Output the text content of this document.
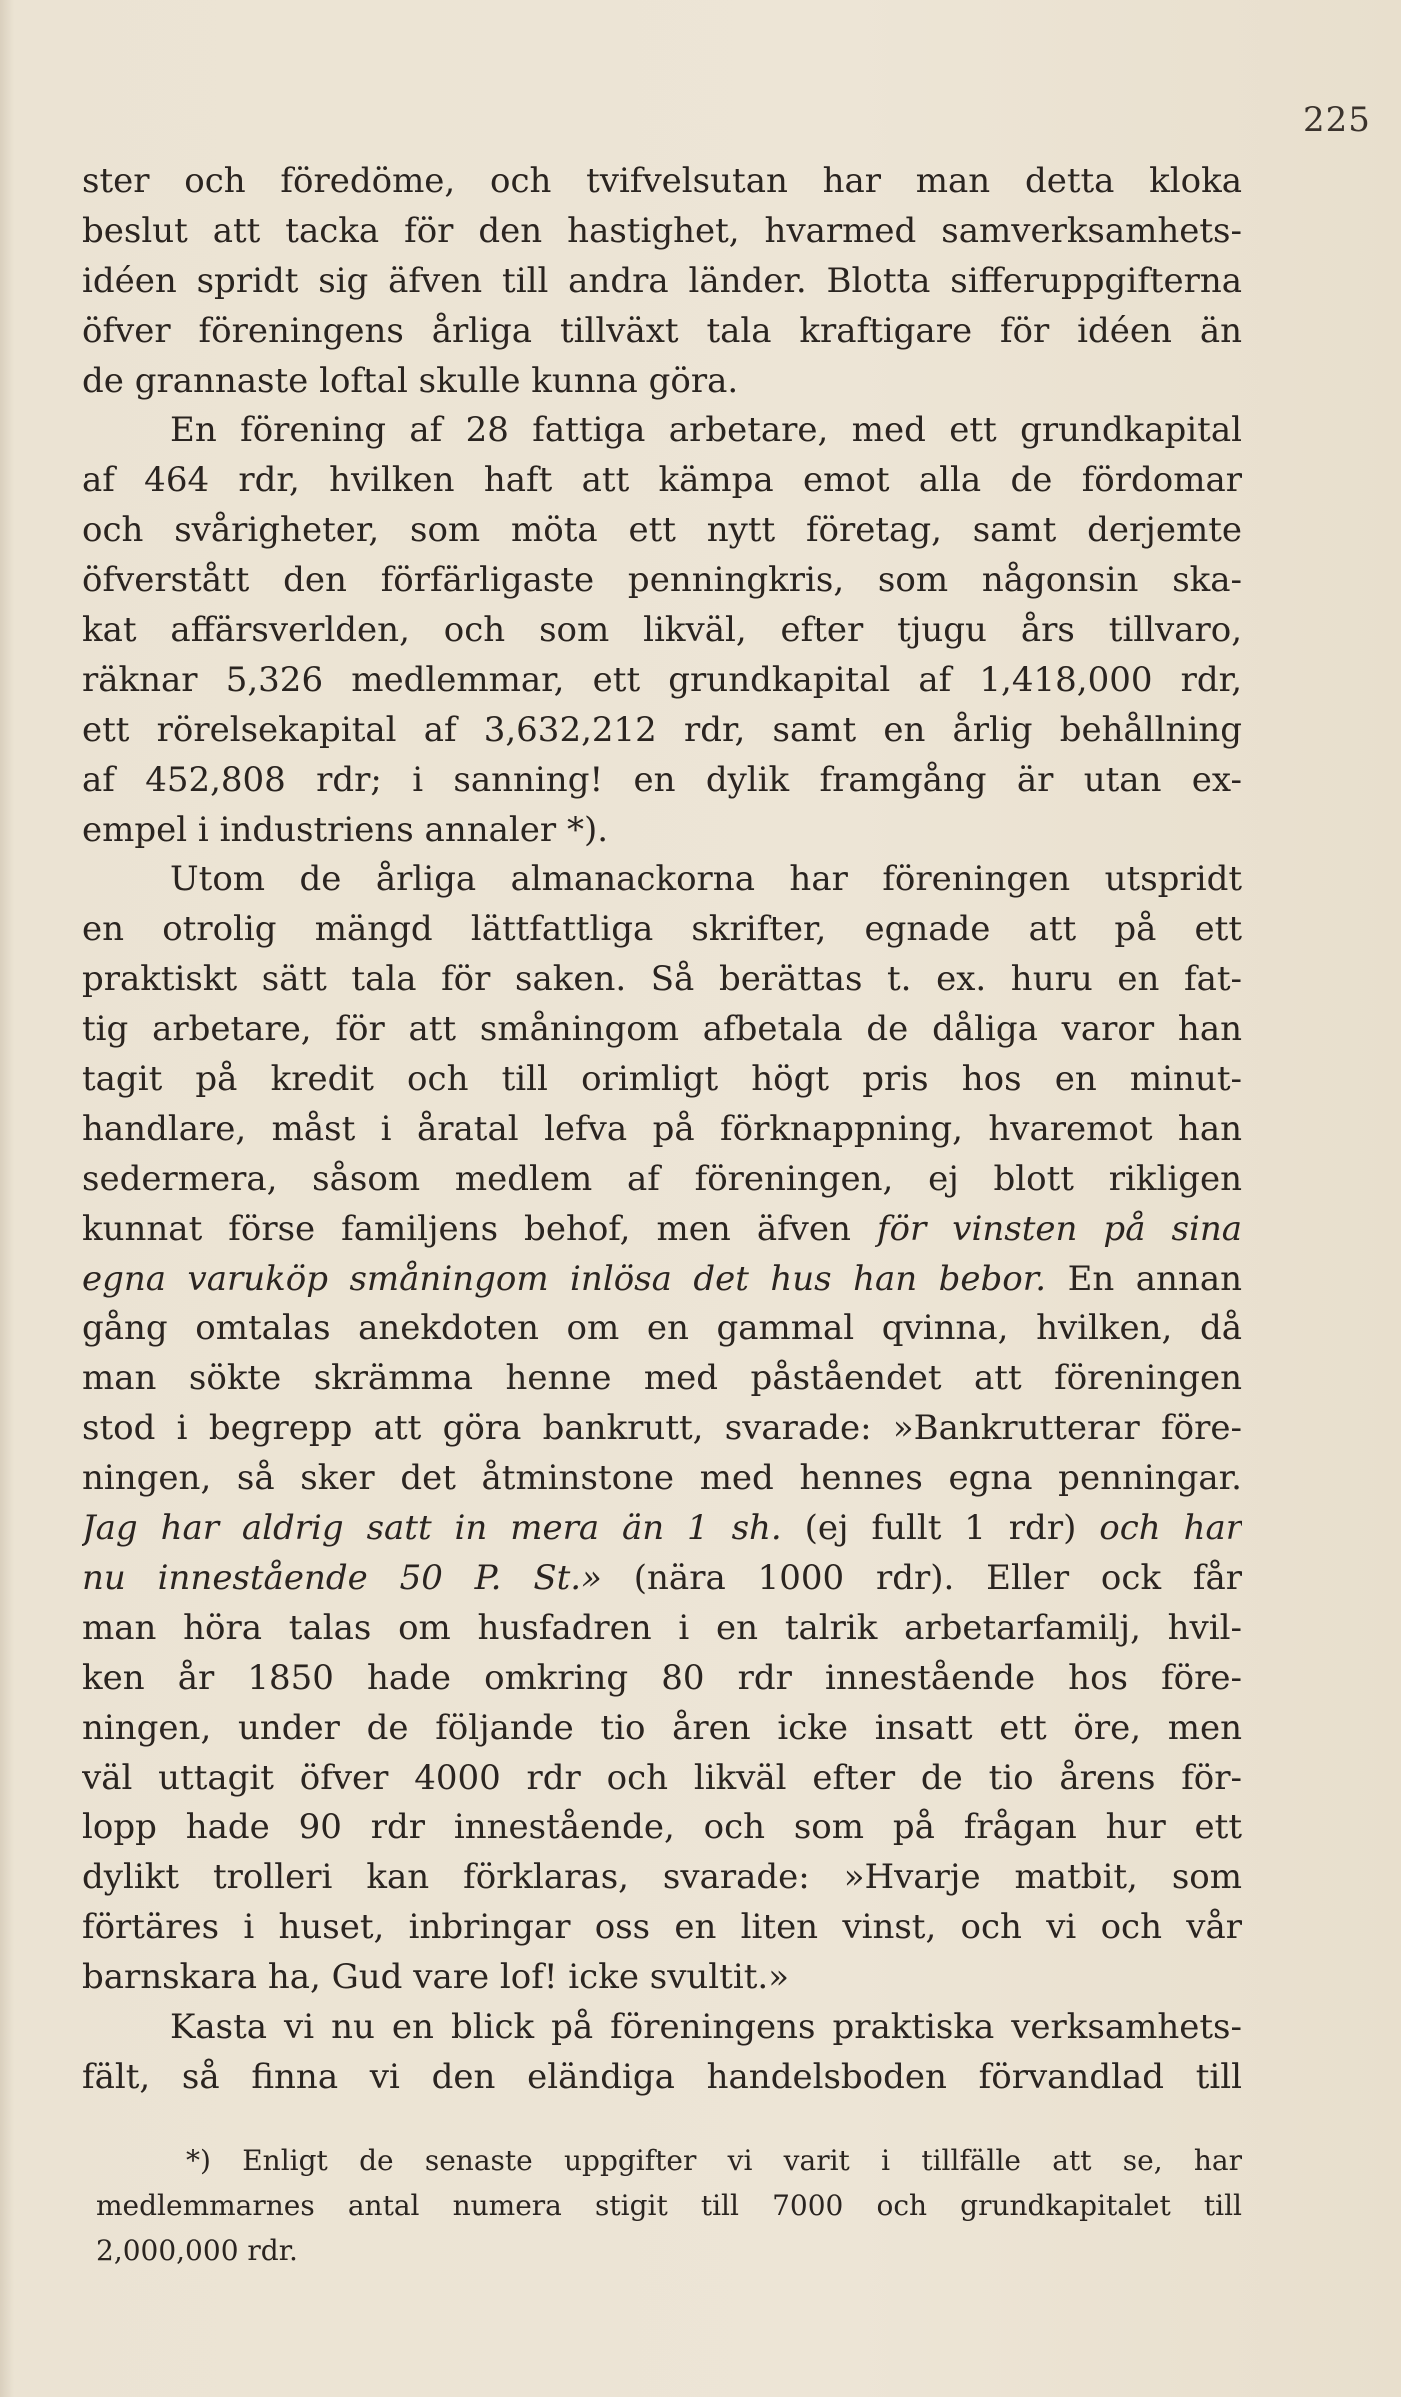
225
ster och föredöme, och tvifvelsutan har man detta kloka
beslut att tacka för den hastighet, hvarmed samverksamhets-
idéen spridt sig äfven till andra länder. Blotta sifferuppgifterna
öfver föreningens årliga tillväxt tala kraftigare för idéen än
de grannaste loftal skulle kunna göra.
En förening af 28 fattiga arbetare, med ett grundkapital
af 464 rdr, hvilken haft att kämpa emot alla de fördomar
och svårigheter, som möta ett nytt företag, samt derjemte
öfverstått den förfärligaste penningkris, som någonsin ska-
kat affärsverlden, och som likväl, efter tjugu års tillvaro,
räknar 5,326 medlemmar, ett grundkapital af 1,418,000 rdr,
ett rörelsekapital af 3,632,212 rdr, samt en årlig behållning
af 452,808 rdr; i sanning! en dylik framgång är utan ex-
empel i industriens annaler *).
Utom de årliga almanackorna har föreningen utspridt
en otrolig mängd lättfattliga skrifter, egnade att på ett
praktiskt sätt tala för saken. Så berättas t. ex. huru en fat-
tig arbetare, för att småningom afbetala de dåliga varor han
tagit på kredit och till orimligt högt pris hos en minut-
handlare, måst i åratal lefva på förknappning, hvaremot han
sedermera, såsom medlem af föreningen, ej blott rikligen
kunnat förse familjens behof, men äfven för vinsten på sina
egna varuköp småningom inlösa det hus han bebor. En annan
gång omtalas anekdoten om en gammal qvinna, hvilken, då
man sökte skrämma henne med påståendet att föreningen
stod i begrepp att göra bankrutt, svarade: »Bankrutterar före-
ningen, så sker det åtminstone med hennes egna penningar.
Jag har aldrig satt in mera än 1 sh. (ej fullt 1 rdr) och har
nu innestående 50 P. St.» (nära 1000 rdr). Eller ock får
man höra talas om husfadren i en talrik arbetarfamilj, hvil-
ken år 1850 hade omkring 80 rdr innestående hos före-
ningen, under de följande tio åren icke insatt ett öre, men
väl uttagit öfver 4000 rdr och likväl efter de tio årens för-
lopp hade 90 rdr innestående, och som på frågan hur ett
dylikt trolleri kan förklaras, svarade: »Hvarje matbit, som
förtäres i huset, inbringar oss en liten vinst, och vi och vår
barnskara ha, Gud vare lof! icke svultit.»
Kasta vi nu en blick på föreningens praktiska verksamhets-
fält, så finna vi den eländiga handelsboden förvandlad till
*) Enligt de senaste uppgifter vi varit i tillfälle att se, har
medlemmarnes antal numera stigit till 7000 och grundkapitalet till
2,000,000 rdr.
